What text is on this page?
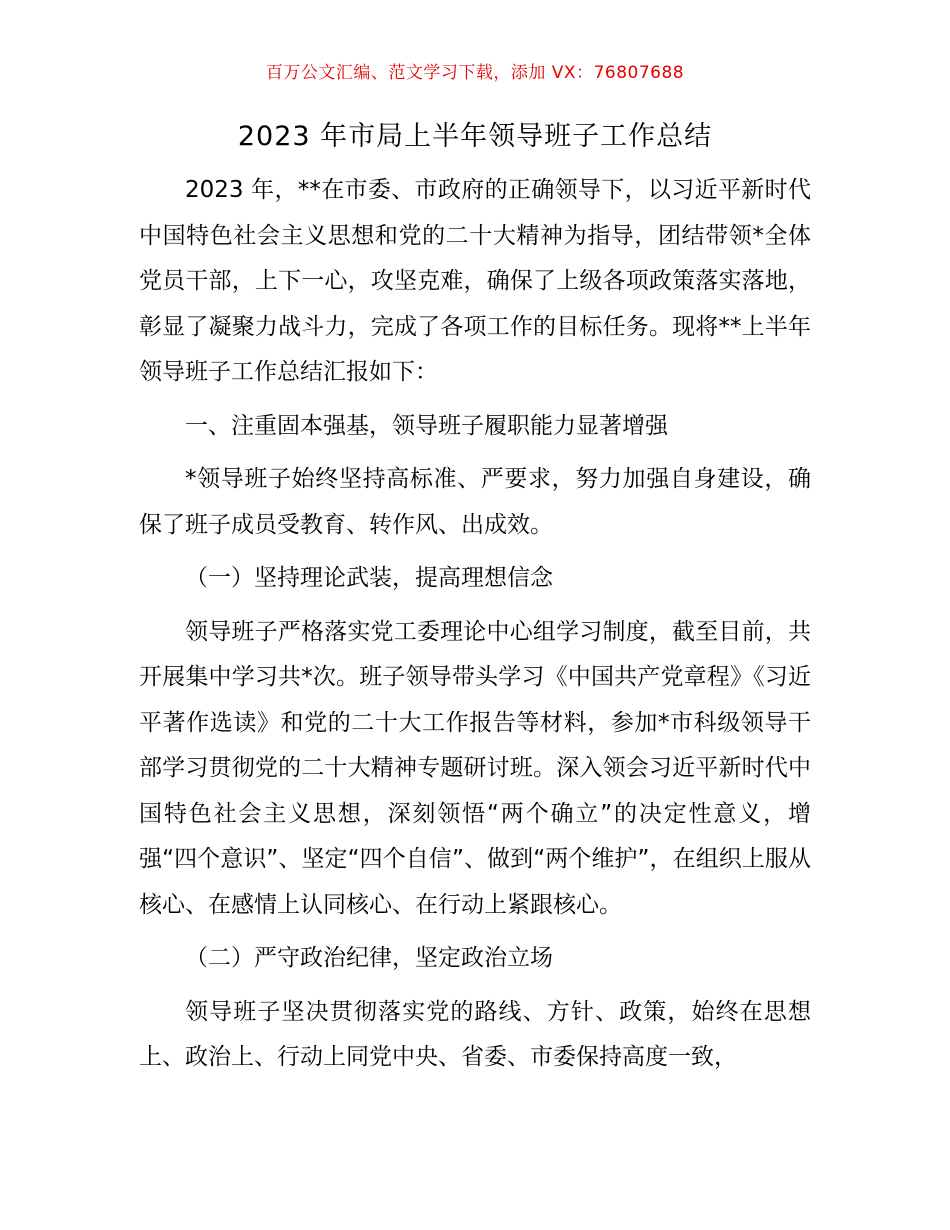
百万公文汇编、范文学习下载，添加 VX：76807688
2023 年市局上半年领导班子工作总结

2023 年，**在市委、市政府的正确领导下，以习近平新时代中国特色社会主义思想和党的二十大精神为指导，团结带领*全体党员干部，上下一心，攻坚克难，确保了上级各项政策落实落地，彰显了凝聚力战斗力，完成了各项工作的目标任务。现将**上半年领导班子工作总结汇报如下：

一、注重固本强基，领导班子履职能力显著增强

*领导班子始终坚持高标准、严要求，努力加强自身建设，确保了班子成员受教育、转作风、出成效。

（一）坚持理论武装，提高理想信念

领导班子严格落实党工委理论中心组学习制度，截至目前，共开展集中学习共*次。班子领导带头学习《中国共产党章程》《习近平著作选读》和党的二十大工作报告等材料，参加*市科级领导干部学习贯彻党的二十大精神专题研讨班。深入领会习近平新时代中国特色社会主义思想，深刻领悟“两个确立”的决定性意义，增强“四个意识”、坚定“四个自信”、做到“两个维护”，在组织上服从核心、在感情上认同核心、在行动上紧跟核心。

（二）严守政治纪律，坚定政治立场

领导班子坚决贯彻落实党的路线、方针、政策，始终在思想上、政治上、行动上同党中央、省委、市委保持高度一致，
